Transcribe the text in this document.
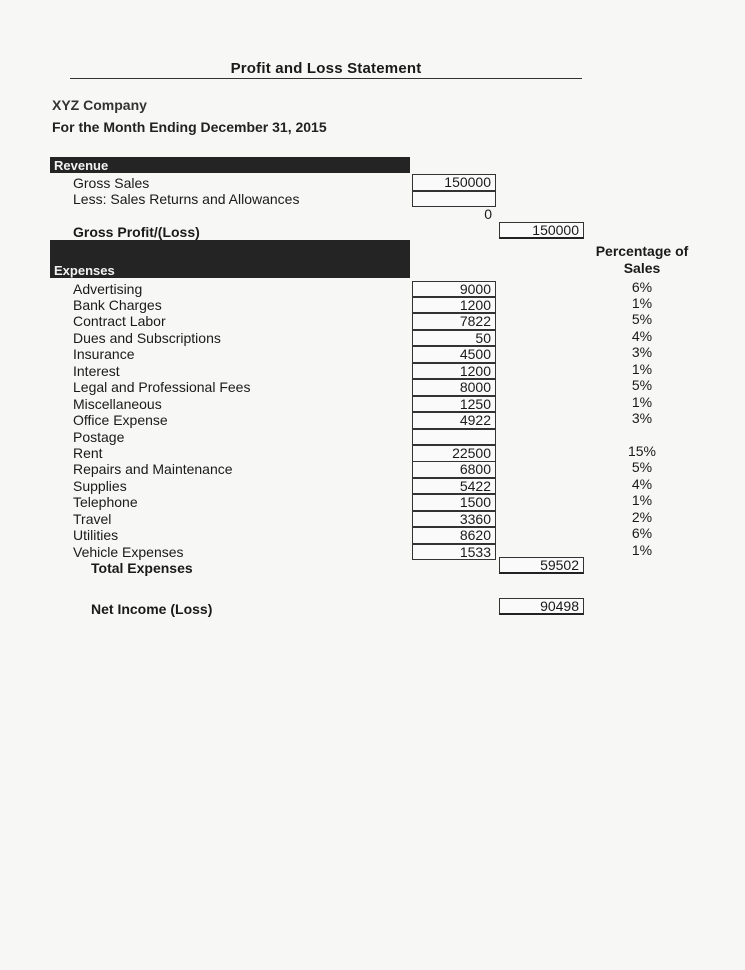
Profit and Loss Statement
XYZ Company
For the Month Ending December 31, 2015
Revenue
Gross Sales	150000
Less: Sales Returns and Allowances
0
Gross Profit/(Loss)	150000
Expenses
Percentage of
Sales
Advertising	9000	6%
Bank Charges	1200	1%
Contract Labor	7822	5%
Dues and Subscriptions	50	4%
Insurance	4500	3%
Interest	1200	1%
Legal and Professional Fees	8000	5%
Miscellaneous	1250	1%
Office Expense	4922	3%
Postage
Rent	22500	15%
Repairs and Maintenance	6800	5%
Supplies	5422	4%
Telephone	1500	1%
Travel	3360	2%
Utilities	8620	6%
Vehicle Expenses	1533	1%
Total Expenses	59502
Net Income (Loss)	90498
